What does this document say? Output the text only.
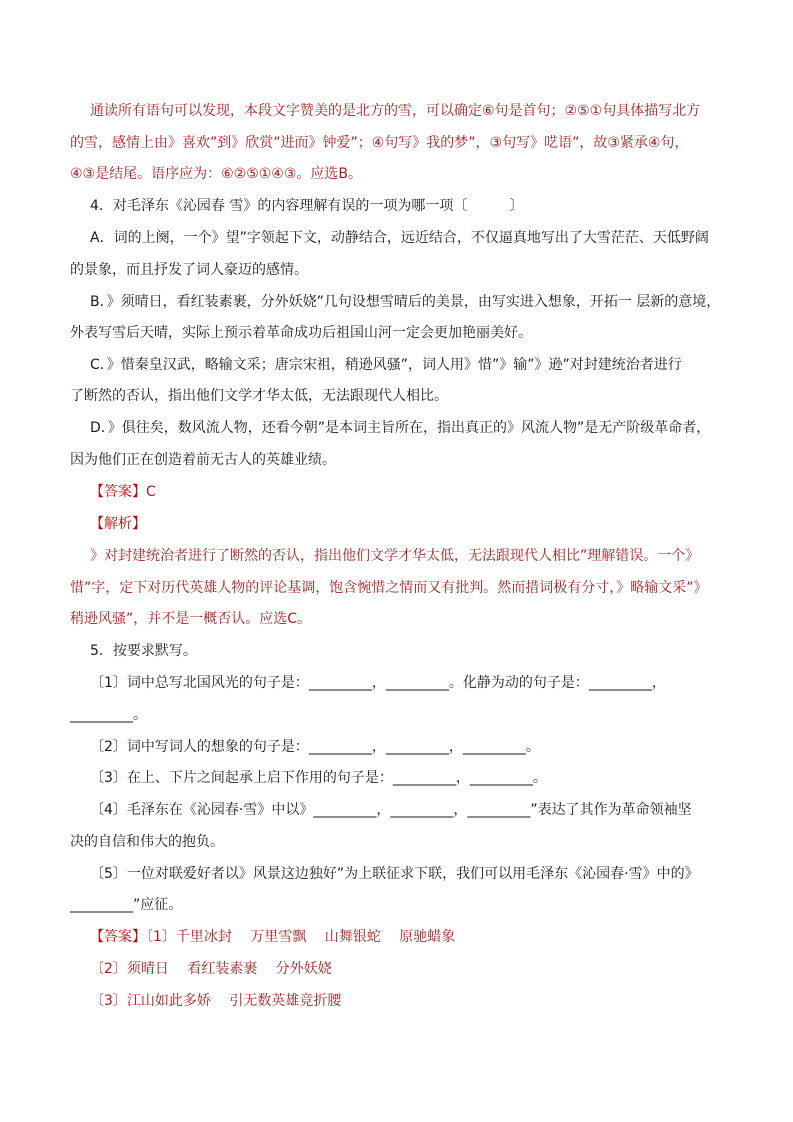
通读所有语句可以发现，本段文字赞美的是北方的雪，可以确定⑥句是首句；②⑤①句具体描写北方
的雪，感情上由》喜欢”到》欣赏”进而》钟爱”；④句写》我的梦”，③句写》呓语”，故③紧承④句，
④③是结尾。语序应为：⑥②⑤①④③。应选B。
4．对毛泽东《沁园春 雪》的内容理解有误的一项为哪一项〔　　　〕
A．词的上阕，一个》望”字领起下文，动静结合，远近结合，不仅逼真地写出了大雪茫茫、天低野阔
的景象，而且抒发了词人豪迈的感情。
B．》须晴日，看红装素裹，分外妖娆”几句设想雪晴后的美景，由写实进入想象，开拓一 层新的意境，
外表写雪后天晴，实际上预示着革命成功后祖国山河一定会更加艳丽美好。
C．》惜秦皇汉武，略输文采；唐宗宋祖，稍逊风骚”，词人用》惜”》输”》逊”对封建统治者进行
了断然的否认，指出他们文学才华太低，无法跟现代人相比。
D．》俱往矣，数风流人物，还看今朝”是本词主旨所在，指出真正的》风流人物”是无产阶级革命者，
因为他们正在创造着前无古人的英雄业绩。
【答案】C
【解析】
》对封建统治者进行了断然的否认，指出他们文学才华太低，无法跟现代人相比”理解错误。一个》
惜”字，定下对历代英雄人物的评论基调，饱含惋惜之情而又有批判。然而措词极有分寸，》略输文采”》
稍逊风骚”，并不是一概否认。应选C。
5．按要求默写。
〔1〕词中总写北国风光的句子是：_________，_________。化静为动的句子是：_________，
_________。
〔2〕词中写词人的想象的句子是：_________，_________，_________。
〔3〕在上、下片之间起承上启下作用的句子是：_________，_________。
〔4〕毛泽东在《沁园春·雪》中以》_________，_________，_________”表达了其作为革命领袖坚
决的自信和伟大的抱负。
〔5〕一位对联爱好者以》风景这边独好”为上联征求下联，我们可以用毛泽东《沁园春·雪》中的》
_________”应征。
【答案】〔1〕千里冰封　 万里雪飘　 山舞银蛇　 原驰蜡象
〔2〕须晴日　 看红装素裹　 分外妖娆
〔3〕江山如此多娇　 引无数英雄竞折腰
